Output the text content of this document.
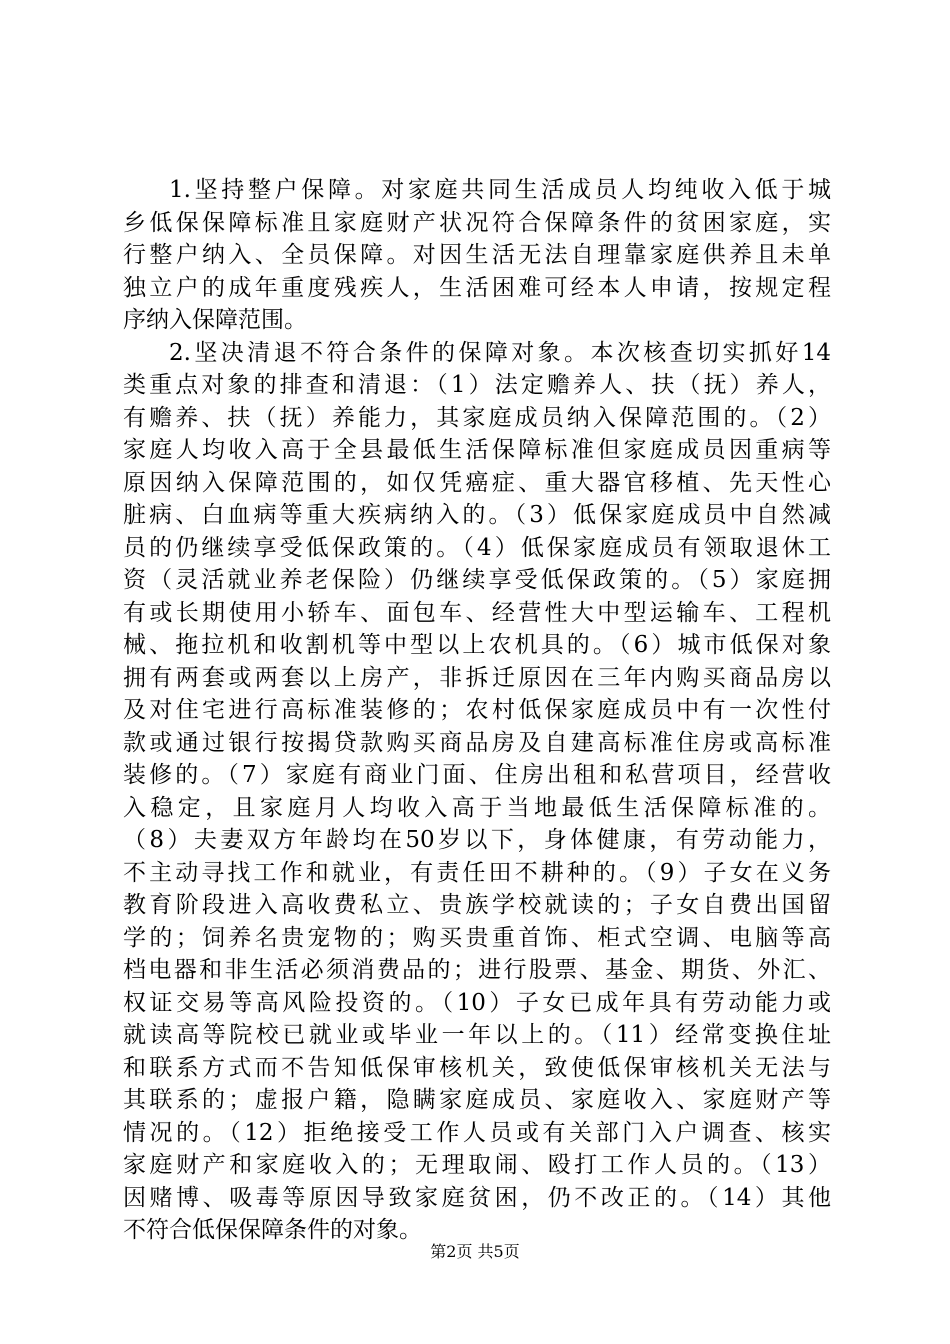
1.坚持整户保障。对家庭共同生活成员人均纯收入低于城
乡低保保障标准且家庭财产状况符合保障条件的贫困家庭，实
行整户纳入、全员保障。对因生活无法自理靠家庭供养且未单
独立户的成年重度残疾人，生活困难可经本人申请，按规定程
序纳入保障范围。
2.坚决清退不符合条件的保障对象。本次核查切实抓好14
类重点对象的排查和清退：（1）法定赡养人、扶（抚）养人，
有赡养、扶（抚）养能力，其家庭成员纳入保障范围的。（2）
家庭人均收入高于全县最低生活保障标准但家庭成员因重病等
原因纳入保障范围的，如仅凭癌症、重大器官移植、先天性心
脏病、白血病等重大疾病纳入的。（3）低保家庭成员中自然减
员的仍继续享受低保政策的。（4）低保家庭成员有领取退休工
资（灵活就业养老保险）仍继续享受低保政策的。（5）家庭拥
有或长期使用小轿车、面包车、经营性大中型运输车、工程机
械、拖拉机和收割机等中型以上农机具的。（6）城市低保对象
拥有两套或两套以上房产，非拆迁原因在三年内购买商品房以
及对住宅进行高标准装修的；农村低保家庭成员中有一次性付
款或通过银行按揭贷款购买商品房及自建高标准住房或高标准
装修的。（7）家庭有商业门面、住房出租和私营项目，经营收
入稳定，且家庭月人均收入高于当地最低生活保障标准的。
（8）夫妻双方年龄均在50岁以下，身体健康，有劳动能力，
不主动寻找工作和就业，有责任田不耕种的。（9）子女在义务
教育阶段进入高收费私立、贵族学校就读的；子女自费出国留
学的；饲养名贵宠物的；购买贵重首饰、柜式空调、电脑等高
档电器和非生活必须消费品的；进行股票、基金、期货、外汇、
权证交易等高风险投资的。（10）子女已成年具有劳动能力或
就读高等院校已就业或毕业一年以上的。（11）经常变换住址
和联系方式而不告知低保审核机关，致使低保审核机关无法与
其联系的；虚报户籍，隐瞒家庭成员、家庭收入、家庭财产等
情况的。（12）拒绝接受工作人员或有关部门入户调查、核实
家庭财产和家庭收入的；无理取闹、殴打工作人员的。（13）
因赌博、吸毒等原因导致家庭贫困，仍不改正的。（14）其他
不符合低保保障条件的对象。
第2页 共5页
